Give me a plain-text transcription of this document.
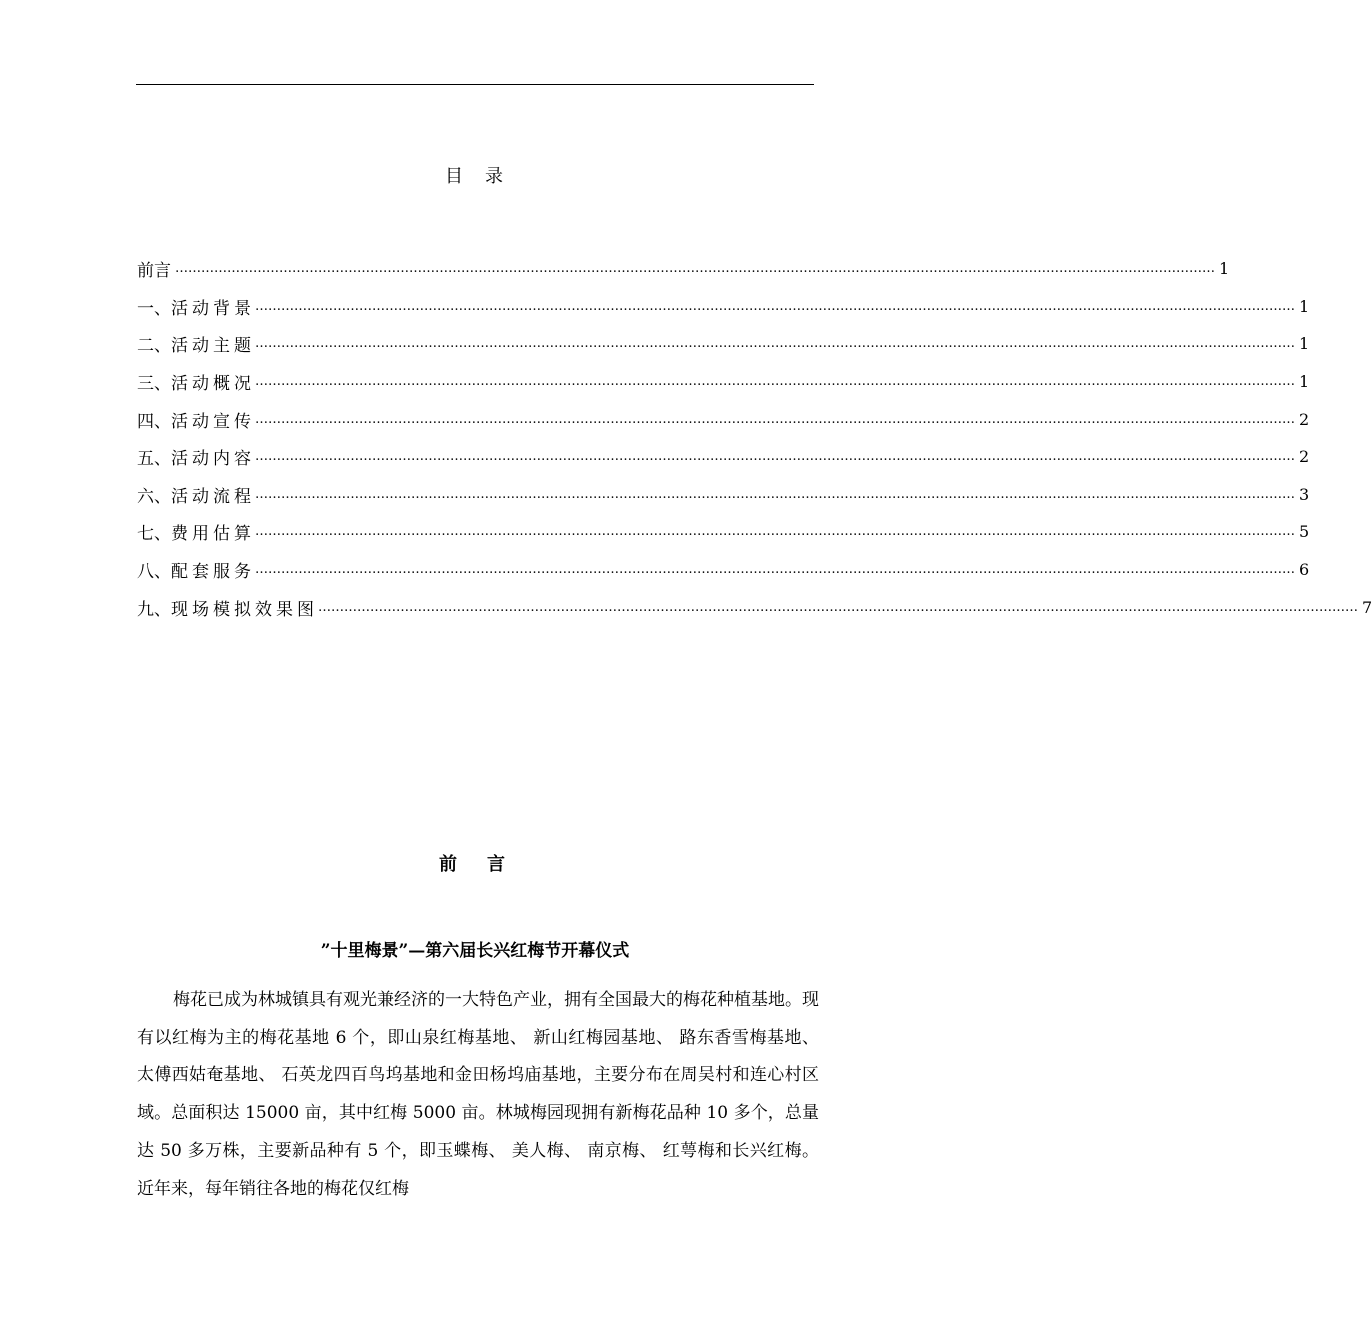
目　录
前 言 …………………………………………………………………………………………………………………………………………………………………………………………………………………… 1
一、 活动背景 …………………………………………………………………………………………………………………………………………………………………………………………………………………… 1
二、 活动主题 …………………………………………………………………………………………………………………………………………………………………………………………………………………… 1
三、 活动概况 …………………………………………………………………………………………………………………………………………………………………………………………………………………… 1
四、 活动宣传 …………………………………………………………………………………………………………………………………………………………………………………………………………………… 2
五、 活动内容 …………………………………………………………………………………………………………………………………………………………………………………………………………………… 2
六、 活动流程 …………………………………………………………………………………………………………………………………………………………………………………………………………………… 3
七、 费用估算 …………………………………………………………………………………………………………………………………………………………………………………………………………………… 5
八、 配套服务 …………………………………………………………………………………………………………………………………………………………………………………………………………………… 6
九、 现场模拟效果图 …………………………………………………………………………………………………………………………………………………………………………………………………………………… 7
前　言
”十里梅景”—第六届长兴红梅节开幕仪式
梅花已成为林城镇具有观光兼经济的一大特色产业，拥有全国最大的梅花种植基地。现有以红梅为主的梅花基地 6 个，即山泉红梅基地、 新山红梅园基地、 路东香雪梅基地、 太傅西姑奄基地、 石英龙四百鸟坞基地和金田杨坞庙基地，主要分布在周吴村和连心村区域。总面积达 15000 亩，其中红梅 5000 亩。林城梅园现拥有新梅花品种 10 多个，总量达 50 多万株，主要新品种有 5 个，即玉蝶梅、 美人梅、 南京梅、 红萼梅和长兴红梅。近年来，每年销往各地的梅花仅红梅
